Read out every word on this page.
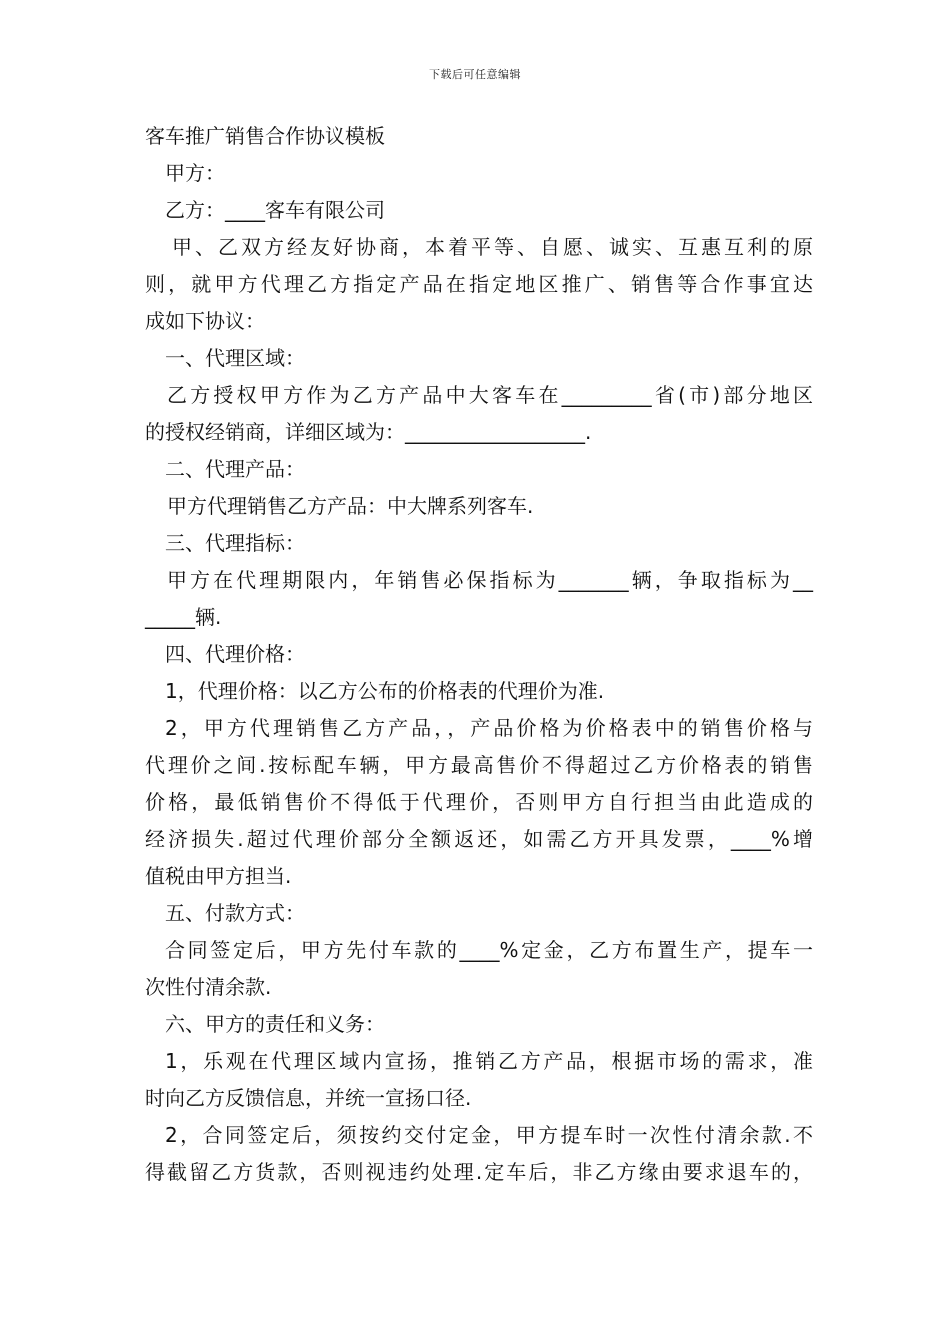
下载后可任意编辑
客车推广销售合作协议模板
甲方：
乙方：____客车有限公司
甲、乙双方经友好协商，本着平等、自愿、诚实、互惠互利的原
则，就甲方代理乙方指定产品在指定地区推广、销售等合作事宜达
成如下协议：
一、代理区域：
乙方授权甲方作为乙方产品中大客车在_________省(市)部分地区
的授权经销商，详细区域为：__________________.
二、代理产品：
甲方代理销售乙方产品：中大牌系列客车.
三、代理指标：
甲方在代理期限内，年销售必保指标为_______辆，争取指标为__
_____辆.
四、代理价格：
1，代理价格：以乙方公布的价格表的代理价为准.
2，甲方代理销售乙方产品，，产品价格为价格表中的销售价格与
代理价之间.按标配车辆，甲方最高售价不得超过乙方价格表的销售
价格，最低销售价不得低于代理价，否则甲方自行担当由此造成的
经济损失.超过代理价部分全额返还，如需乙方开具发票，____%增
值税由甲方担当.
五、付款方式：
合同签定后，甲方先付车款的____%定金，乙方布置生产，提车一
次性付清余款.
六、甲方的责任和义务：
1，乐观在代理区域内宣扬，推销乙方产品，根据市场的需求，准
时向乙方反馈信息，并统一宣扬口径.
2，合同签定后，须按约交付定金，甲方提车时一次性付清余款.不
得截留乙方货款，否则视违约处理.定车后，非乙方缘由要求退车的，
